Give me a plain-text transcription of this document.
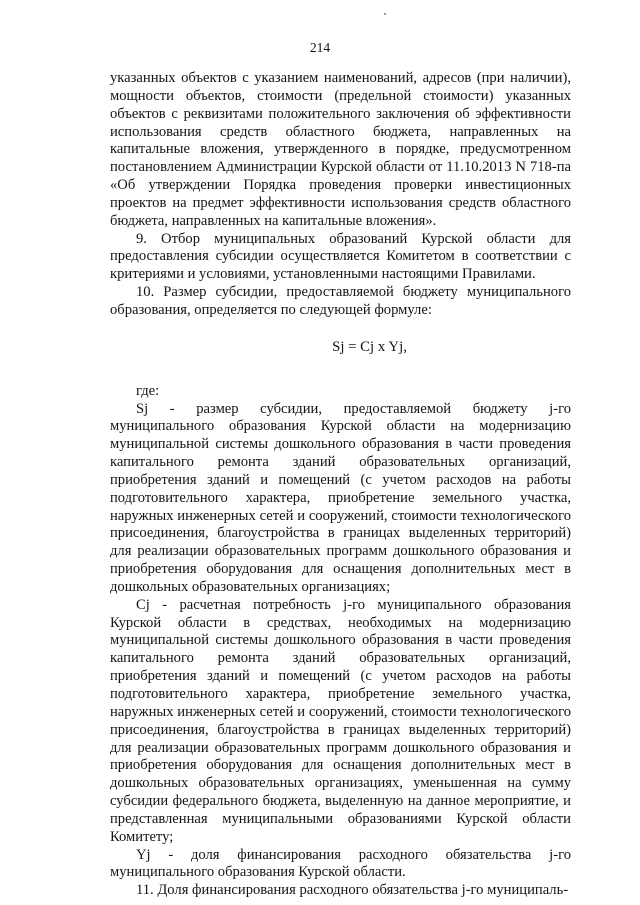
214

указанных объектов с указанием наименований, адресов (при наличии), мощности объектов, стоимости (предельной стоимости) указанных объектов с реквизитами положительного заключения об эффективности использования средств областного бюджета, направленных на капитальные вложения, утвержденного в порядке, предусмотренном постановлением Администрации Курской области от 11.10.2013 N 718-па «Об утверждении Порядка проведения проверки инвестиционных проектов на предмет эффективности использования средств областного бюджета, направленных на капитальные вложения».

9. Отбор муниципальных образований Курской области для предоставления субсидии осуществляется Комитетом в соответствии с критериями и условиями, установленными настоящими Правилами.

10. Размер субсидии, предоставляемой бюджету муниципального образования, определяется по следующей формуле:

Sj = Cj x Yj,

где:

Sj - размер субсидии, предоставляемой бюджету j-го муниципального образования Курской области на модернизацию муниципальной системы дошкольного образования в части проведения капитального ремонта зданий образовательных организаций, приобретения зданий и помещений (с учетом расходов на работы подготовительного характера, приобретение земельного участка, наружных инженерных сетей и сооружений, стоимости технологического присоединения, благоустройства в границах выделенных территорий) для реализации образовательных программ дошкольного образования и приобретения оборудования для оснащения дополнительных мест в дошкольных образовательных организациях;

Cj - расчетная потребность j-го муниципального образования Курской области в средствах, необходимых на модернизацию муниципальной системы дошкольного образования в части проведения капитального ремонта зданий образовательных организаций, приобретения зданий и помещений (с учетом расходов на работы подготовительного характера, приобретение земельного участка, наружных инженерных сетей и сооружений, стоимости технологического присоединения, благоустройства в границах выделенных территорий) для реализации образовательных программ дошкольного образования и приобретения оборудования для оснащения дополнительных мест в дошкольных образовательных организациях, уменьшенная на сумму субсидии федерального бюджета, выделенную на данное мероприятие, и представленная муниципальными образованиями Курской области Комитету;

Yj - доля финансирования расходного обязательства j-го муниципального образования Курской области.

11. Доля финансирования расходного обязательства j-го муниципаль-
